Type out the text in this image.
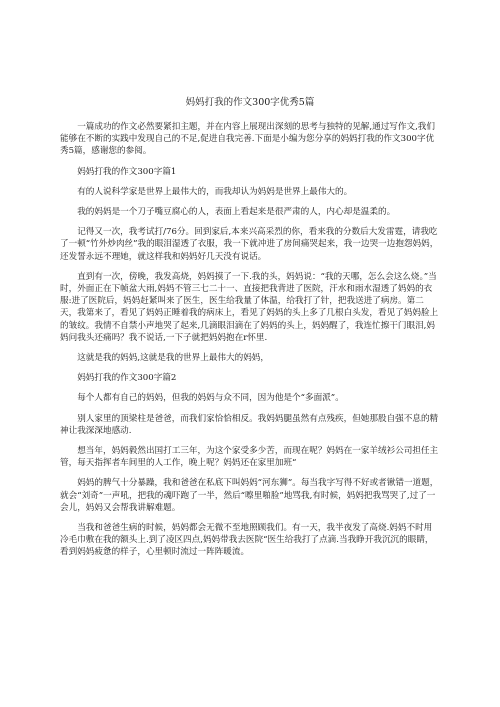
妈妈打我的作文300字优秀5篇

一篇成功的作文必然要紧扣主题，并在内容上展现出深刻的思考与独特的见解,通过写作文,我们能够在不断的实践中发现自己的不足,促进自我完善.下面是小编为您分享的妈妈打我的作文300字优秀5篇，感谢您的参阅。

妈妈打我的作文300字篇1

有的人说科学家是世界上最伟大的，而我却认为妈妈是世界上最伟大的。

我的妈妈是一个刀子嘴豆腐心的人，表面上看起来是很严肃的人，内心却是温柔的。

记得又一次，我考试打/76分。回到家后,本来兴高采烈的你，看来我的分数后大发雷霆，请我吃了一顿“竹外炒肉丝”我的眼泪湿透了衣服，我一下就冲进了房间痛哭起来，我一边哭一边抱怨妈妈，还发誓永远不理她，就这样我和妈妈好几天没有说话。

直到有一次，傍晚，我发高烧，妈妈摸了一下.我的头，妈妈说：“我的天哪，怎么会这么烧。”当时，外面正在下帧盆大雨,妈妈不管三七二十一、直接把我背进了医院，汗水和雨水湿透了妈妈的衣服:进了医院后，妈妈赶紧叫来了医生，医生给我量了体温，给我打了针，把我送进了病房。第二天，我第来了，看见了妈妈正睡着我的病床上，看见了妈妈的头上多了几根白头发，看见了妈妈脸上的皱纹。我情不自禁小声地哭了起来,几滴眼泪滴在了妈妈的头上，妈妈醒了，我连忙擦干门眼泪,妈妈问我头还痛吗？我不说话,一下子就把妈妈抱在r怀里.

这就是我的妈妈,这就是我的世界上最伟大的妈妈，

妈妈打我的作文300字篇2

每个人都有自己的妈妈，但我的妈妈与众不同，因为他是个“多面派”。

别人家里的顶梁柱是爸爸，而我们家恰恰相反。我妈妈腿虽然有点残疾，但她那股自强不息的精神让我深深地感动.

想当年，妈妈毅然出国打工三年，为这个家受多少苦，而现在呢？妈妈在一家羊绒衫公司担任主管，每天指挥者车间里的人工作，晚上呢？妈妈还在家里加班“

妈妈的脾气十分暴躁，我和爸爸在私底下叫妈妈“河东狮”。每当我字写得不好或者锹错一道题，就会“刘奇”一声吼，把我的魂吓跑了一半，然后“嚓里啪脸”地骂我,有时候，妈妈把我骂哭了,过了一会儿，妈妈又会帮我讲解难题。

当我和爸爸生病的时候，妈妈都会无微不至地照顾我们。有一天，我半夜发了高烧.妈妈不时用冷毛巾敷在我的额头上.到了凌区四点,妈妈带我去医院“医生给我打了点滴.当我睁开我沉沉的眼睛，看到妈妈疲惫的样子，心里顿时流过一阵阵暖流。
